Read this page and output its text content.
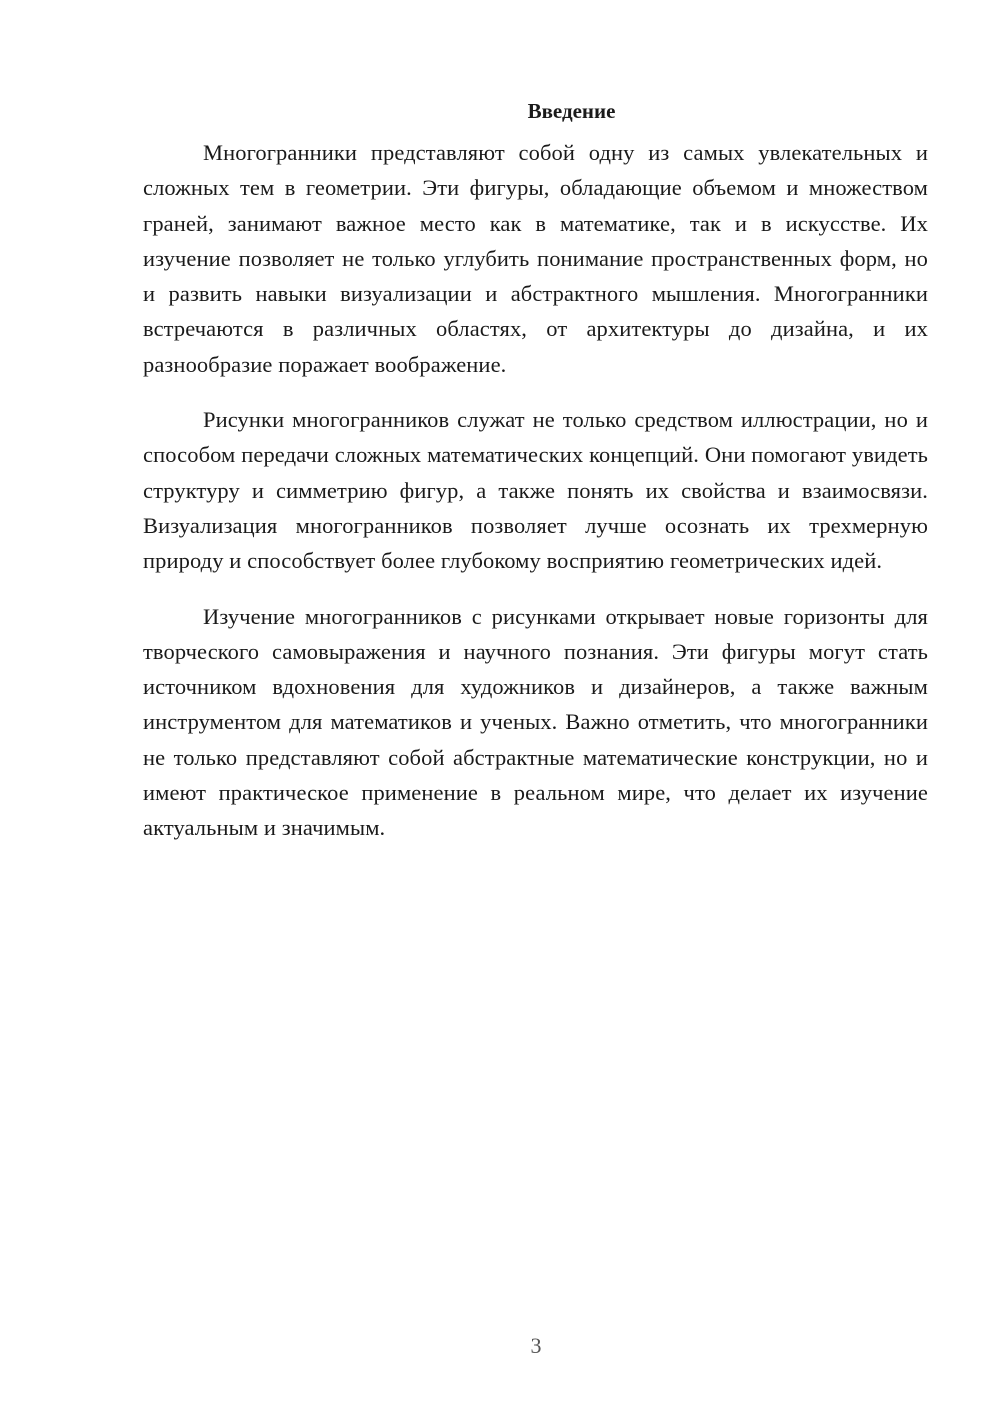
Введение

Многогранники представляют собой одну из самых увлекательных и сложных тем в геометрии. Эти фигуры, обладающие объемом и множеством граней, занимают важное место как в математике, так и в искусстве. Их изучение позволяет не только углубить понимание пространственных форм, но и развить навыки визуализации и абстрактного мышления. Многогранники встречаются в различных областях, от архитектуры до дизайна, и их разнообразие поражает воображение.

Рисунки многогранников служат не только средством иллюстрации, но и способом передачи сложных математических концепций. Они помогают увидеть структуру и симметрию фигур, а также понять их свойства и взаимосвязи. Визуализация многогранников позволяет лучше осознать их трехмерную природу и способствует более глубокому восприятию геометрических идей.

Изучение многогранников с рисунками открывает новые горизонты для творческого самовыражения и научного познания. Эти фигуры могут стать источником вдохновения для художников и дизайнеров, а также важным инструментом для математиков и ученых. Важно отметить, что многогранники не только представляют собой абстрактные математические конструкции, но и имеют практическое применение в реальном мире, что делает их изучение актуальным и значимым.

3
